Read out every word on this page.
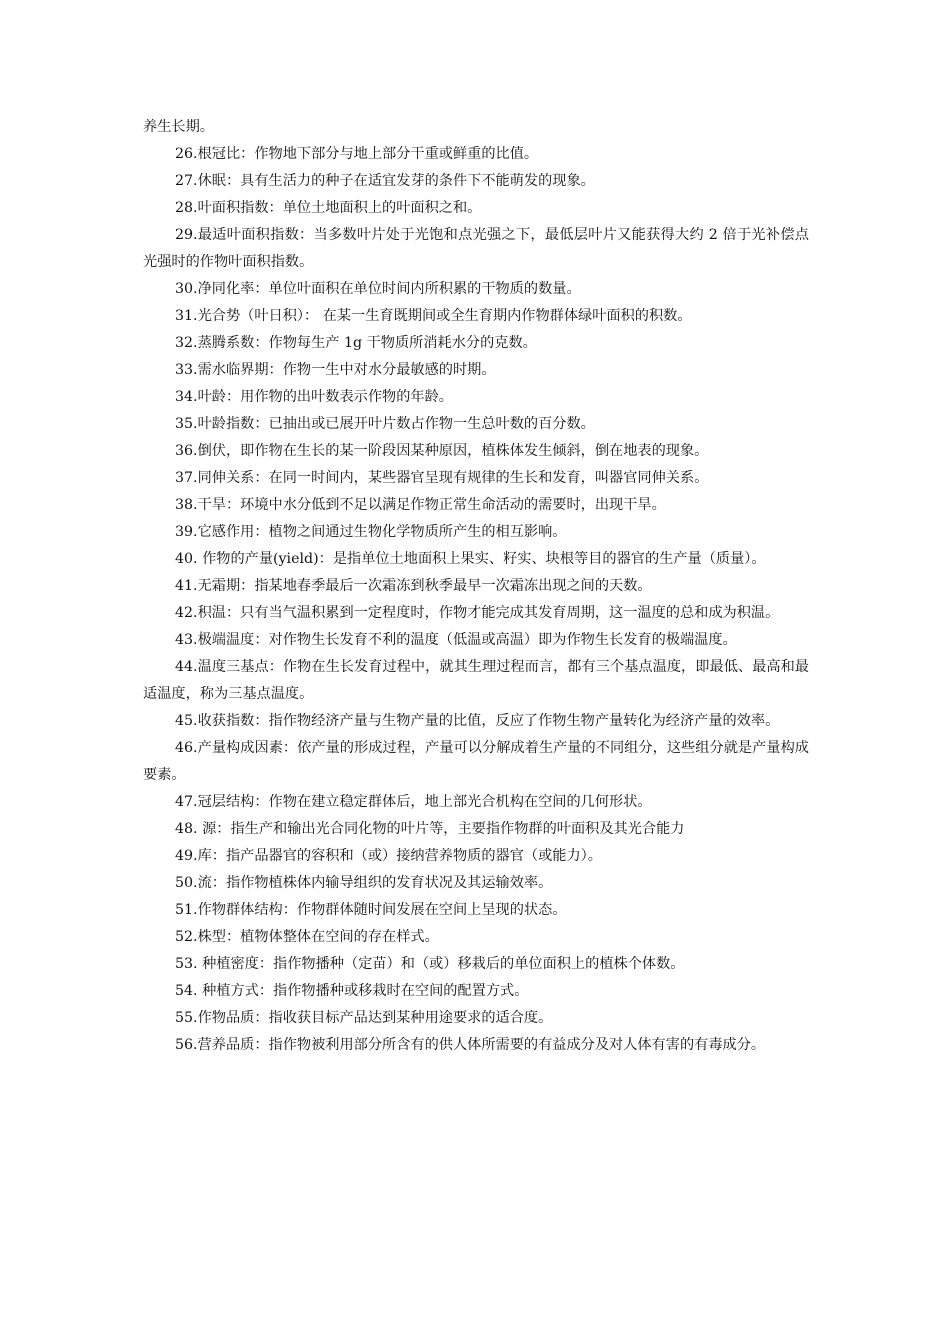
养生长期。

26.根冠比：作物地下部分与地上部分干重或鲜重的比值。

27.休眠：具有生活力的种子在适宜发芽的条件下不能萌发的现象。

28.叶面积指数：单位土地面积上的叶面积之和。

29.最适叶面积指数：当多数叶片处于光饱和点光强之下，最低层叶片又能获得大约 2 倍于光补偿点光强时的作物叶面积指数。

30.净同化率：单位叶面积在单位时间内所积累的干物质的数量。

31.光合势（叶日积）： 在某一生育既期间或全生育期内作物群体绿叶面积的积数。

32.蒸腾系数：作物每生产 1g 干物质所消耗水分的克数。

33.需水临界期：作物一生中对水分最敏感的时期。

34.叶龄：用作物的出叶数表示作物的年龄。

35.叶龄指数：已抽出或已展开叶片数占作物一生总叶数的百分数。

36.倒伏，即作物在生长的某一阶段因某种原因，植株体发生倾斜，倒在地表的现象。

37.同伸关系：在同一时间内，某些器官呈现有规律的生长和发育，叫器官同伸关系。

38.干旱：环境中水分低到不足以满足作物正常生命活动的需要时，出现干旱。

39.它感作用：植物之间通过生物化学物质所产生的相互影响。

40. 作物的产量(yield)：是指单位土地面积上果实、籽实、块根等目的器官的生产量（质量）。

41.无霜期：指某地春季最后一次霜冻到秋季最早一次霜冻出现之间的天数。

42.积温：只有当气温积累到一定程度时，作物才能完成其发育周期，这一温度的总和成为积温。

43.极端温度：对作物生长发育不利的温度（低温或高温）即为作物生长发育的极端温度。

44.温度三基点：作物在生长发育过程中，就其生理过程而言，都有三个基点温度，即最低、最高和最适温度，称为三基点温度。

45.收获指数：指作物经济产量与生物产量的比值，反应了作物生物产量转化为经济产量的效率。

46.产量构成因素：依产量的形成过程，产量可以分解成着生产量的不同组分，这些组分就是产量构成要素。

47.冠层结构：作物在建立稳定群体后，地上部光合机构在空间的几何形状。

48. 源：指生产和输出光合同化物的叶片等，主要指作物群的叶面积及其光合能力

49.库：指产品器官的容积和（或）接纳营养物质的器官（或能力）。

50.流：指作物植株体内输导组织的发育状况及其运输效率。

51.作物群体结构：作物群体随时间发展在空间上呈现的状态。

52.株型：植物体整体在空间的存在样式。

53. 种植密度：指作物播种（定苗）和（或）移栽后的单位面积上的植株个体数。

54. 种植方式：指作物播种或移栽时在空间的配置方式。

55.作物品质：指收获目标产品达到某种用途要求的适合度。

56.营养品质：指作物被利用部分所含有的供人体所需要的有益成分及对人体有害的有毒成分。
